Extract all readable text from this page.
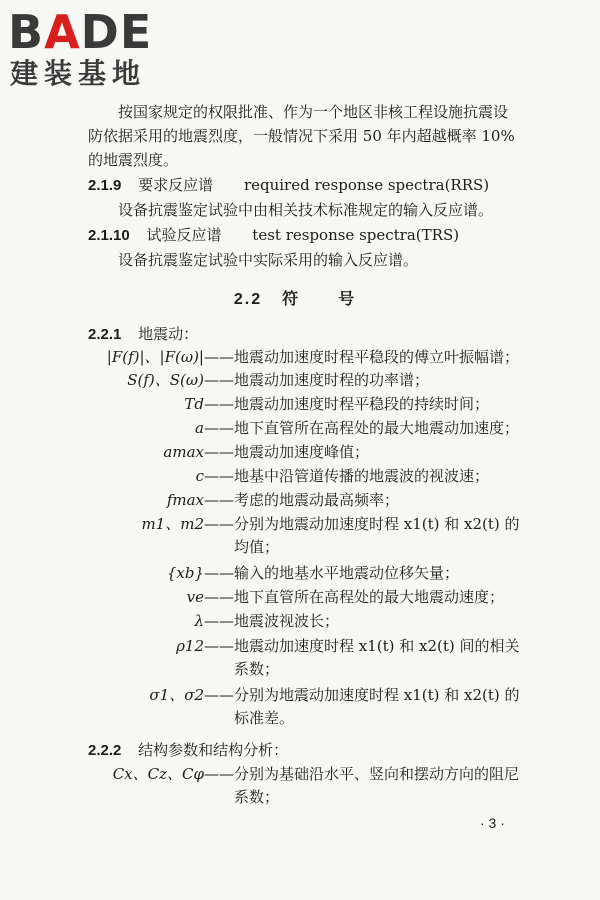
BADE
建装基地
按国家规定的权限批准、作为一个地区非核工程设施抗震设
防依据采用的地震烈度，一般情况下采用 50 年内超越概率 10%
的地震烈度。
2.1.9 要求反应谱 required response spectra(RRS)
设备抗震鉴定试验中由相关技术标准规定的输入反应谱。
2.1.10 试验反应谱 test response spectra(TRS)
设备抗震鉴定试验中实际采用的输入反应谱。
2.2 符　号
2.2.1 地震动：
|F(f)|、|F(ω)| ——地震动加速度时程平稳段的傅立叶振幅谱；
S(f)、S(ω) ——地震动加速度时程的功率谱；
Td ——地震动加速度时程平稳段的持续时间；
a ——地下直管所在高程处的最大地震动加速度；
amax ——地震动加速度峰值；
c ——地基中沿管道传播的地震波的视波速；
fmax ——考虑的地震动最高频率；
m1、m2 ——分别为地震动加速度时程 x1(t) 和 x2(t) 的
均值；
{xb} ——输入的地基水平地震动位移矢量；
ve ——地下直管所在高程处的最大地震动速度；
λ ——地震波视波长；
ρ12 ——地震动加速度时程 x1(t) 和 x2(t) 间的相关
系数；
σ1、σ2 ——分别为地震动加速度时程 x1(t) 和 x2(t) 的
标准差。
2.2.2 结构参数和结构分析：
Cx、Cz、Cφ ——分别为基础沿水平、竖向和摆动方向的阻尼
系数；
· 3 ·
